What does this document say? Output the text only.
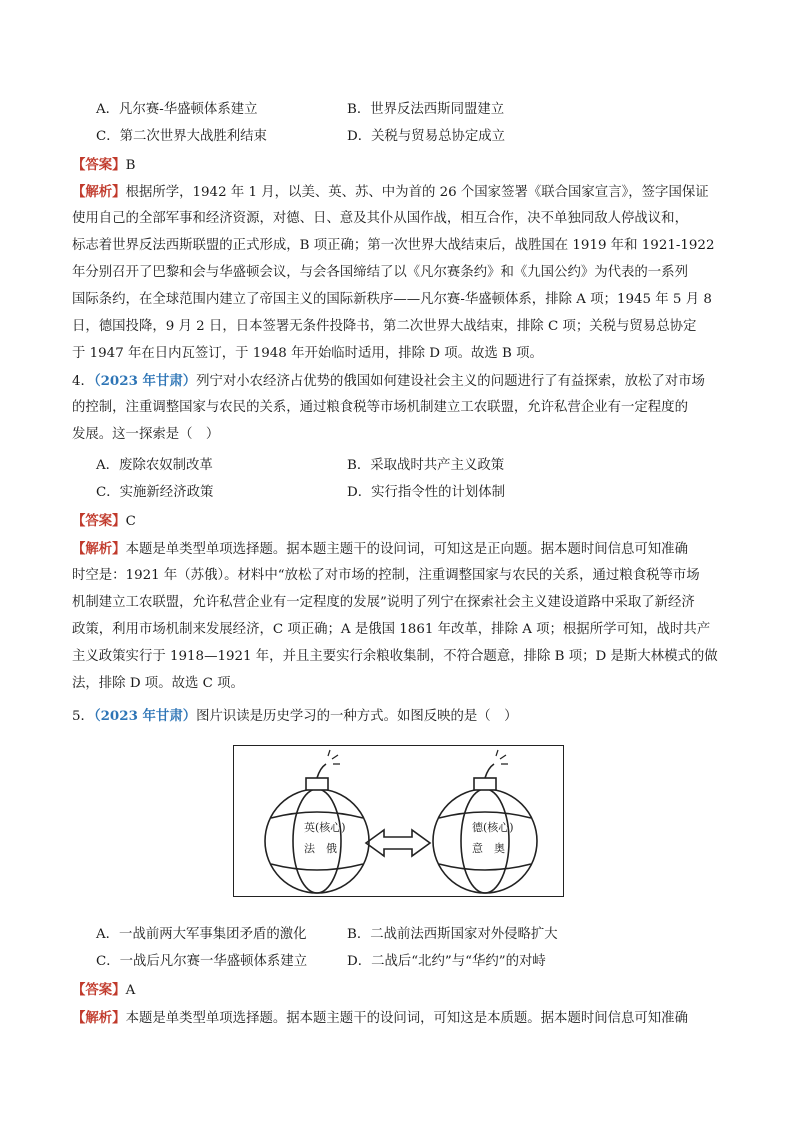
A．凡尔赛-华盛顿体系建立	B．世界反法西斯同盟建立
C．第二次世界大战胜利结束	D．关税与贸易总协定成立
【答案】B
【解析】根据所学，1942 年 1 月，以美、英、苏、中为首的 26 个国家签署《联合国家宣言》，签字国保证
使用自己的全部军事和经济资源，对德、日、意及其仆从国作战，相互合作，决不单独同敌人停战议和，
标志着世界反法西斯联盟的正式形成，B 项正确；第一次世界大战结束后，战胜国在 1919 年和 1921-1922
年分别召开了巴黎和会与华盛顿会议，与会各国缔结了以《凡尔赛条约》和《九国公约》为代表的一系列
国际条约，在全球范围内建立了帝国主义的国际新秩序——凡尔赛-华盛顿体系，排除 A 项；1945 年 5 月 8
日，德国投降，9 月 2 日，日本签署无条件投降书，第二次世界大战结束，排除 C 项；关税与贸易总协定
于 1947 年在日内瓦签订，于 1948 年开始临时适用，排除 D 项。故选 B 项。
4．（2023 年甘肃）列宁对小农经济占优势的俄国如何建设社会主义的问题进行了有益探索，放松了对市场
的控制，注重调整国家与农民的关系，通过粮食税等市场机制建立工农联盟，允许私营企业有一定程度的
发展。这一探索是（　）
A．废除农奴制改革	B．采取战时共产主义政策
C．实施新经济政策	D．实行指令性的计划体制
【答案】C
【解析】本题是单类型单项选择题。据本题主题干的设问词，可知这是正向题。据本题时间信息可知准确
时空是：1921 年（苏俄）。材料中“放松了对市场的控制，注重调整国家与农民的关系，通过粮食税等市场
机制建立工农联盟，允许私营企业有一定程度的发展”说明了列宁在探索社会主义建设道路中采取了新经济
政策，利用市场机制来发展经济，C 项正确；A 是俄国 1861 年改革，排除 A 项；根据所学可知，战时共产
主义政策实行于 1918—1921 年，并且主要实行余粮收集制，不符合题意，排除 B 项；D 是斯大林模式的做
法，排除 D 项。故选 C 项。
5．（2023 年甘肃）图片识读是历史学习的一种方式。如图反映的是（　）
英(核心)
法　俄
德(核心)
意　奥
A．一战前两大军事集团矛盾的激化	B．二战前法西斯国家对外侵略扩大
C．一战后凡尔赛一华盛顿体系建立	D．二战后“北约”与“华约”的对峙
【答案】A
【解析】本题是单类型单项选择题。据本题主题干的设问词，可知这是本质题。据本题时间信息可知准确
